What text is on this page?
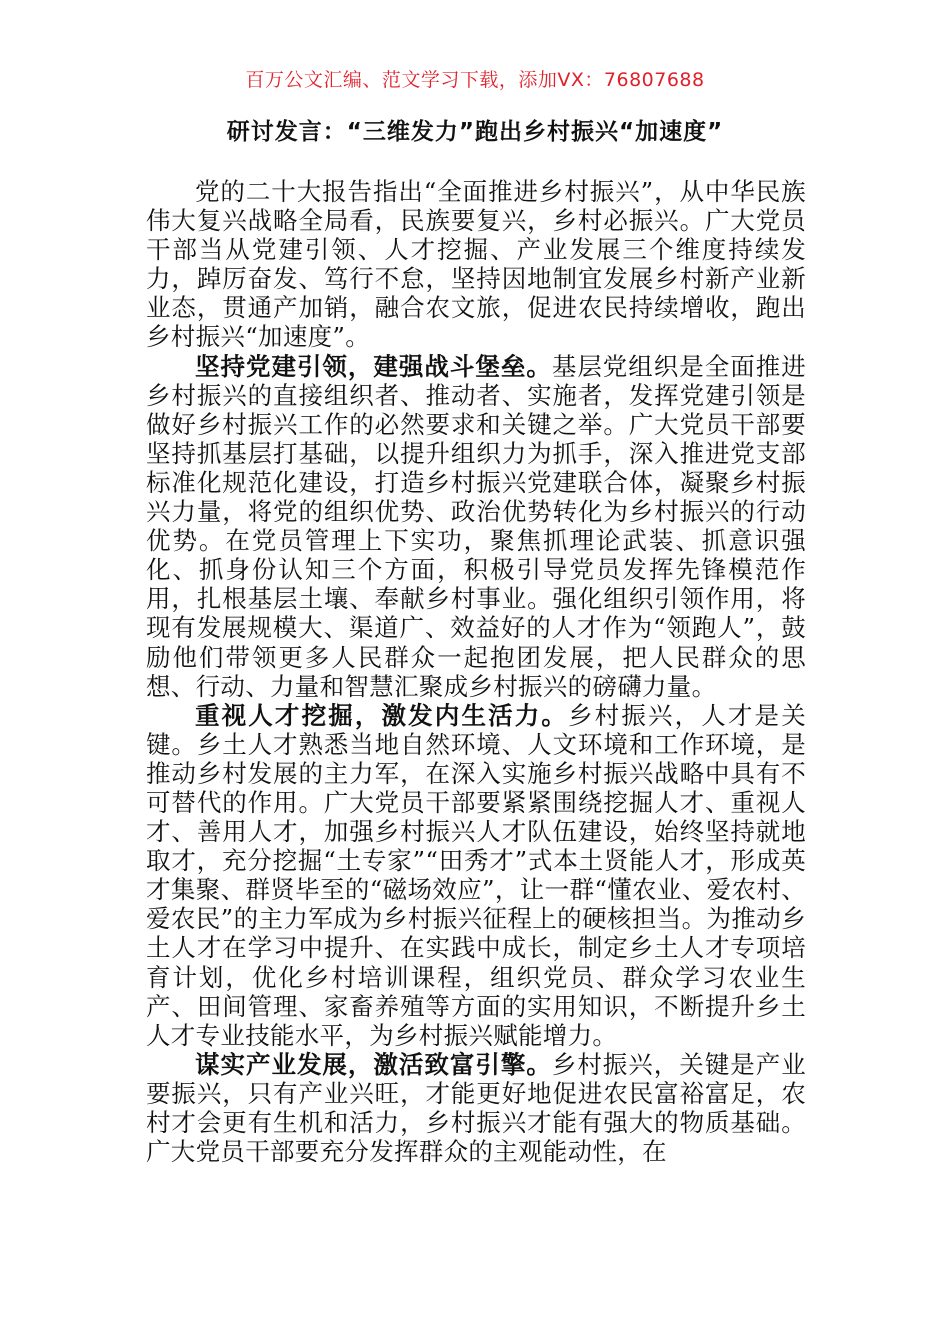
百万公文汇编、范文学习下载，添加VX：76807688
研讨发言：“三维发力”跑出乡村振兴“加速度”

党的二十大报告指出“全面推进乡村振兴”，从中华民族伟大复兴战略全局看，民族要复兴，乡村必振兴。广大党员干部当从党建引领、人才挖掘、产业发展三个维度持续发力，踔厉奋发、笃行不怠，坚持因地制宜发展乡村新产业新业态，贯通产加销，融合农文旅，促进农民持续增收，跑出乡村振兴“加速度”。

坚持党建引领，建强战斗堡垒。基层党组织是全面推进乡村振兴的直接组织者、推动者、实施者，发挥党建引领是做好乡村振兴工作的必然要求和关键之举。广大党员干部要坚持抓基层打基础，以提升组织力为抓手，深入推进党支部标准化规范化建设，打造乡村振兴党建联合体，凝聚乡村振兴力量，将党的组织优势、政治优势转化为乡村振兴的行动优势。在党员管理上下实功，聚焦抓理论武装、抓意识强化、抓身份认知三个方面，积极引导党员发挥先锋模范作用，扎根基层土壤、奉献乡村事业。强化组织引领作用，将现有发展规模大、渠道广、效益好的人才作为“领跑人”，鼓励他们带领更多人民群众一起抱团发展，把人民群众的思想、行动、力量和智慧汇聚成乡村振兴的磅礴力量。

重视人才挖掘，激发内生活力。乡村振兴，人才是关键。乡土人才熟悉当地自然环境、人文环境和工作环境，是推动乡村发展的主力军，在深入实施乡村振兴战略中具有不可替代的作用。广大党员干部要紧紧围绕挖掘人才、重视人才、善用人才，加强乡村振兴人才队伍建设，始终坚持就地取才，充分挖掘“土专家”“田秀才”式本土贤能人才，形成英才集聚、群贤毕至的“磁场效应”，让一群“懂农业、爱农村、爱农民”的主力军成为乡村振兴征程上的硬核担当。为推动乡土人才在学习中提升、在实践中成长，制定乡土人才专项培育计划，优化乡村培训课程，组织党员、群众学习农业生产、田间管理、家畜养殖等方面的实用知识，不断提升乡土人才专业技能水平，为乡村振兴赋能增力。

谋实产业发展，激活致富引擎。乡村振兴，关键是产业要振兴，只有产业兴旺，才能更好地促进农民富裕富足，农村才会更有生机和活力，乡村振兴才能有强大的物质基础。广大党员干部要充分发挥群众的主观能动性，在
